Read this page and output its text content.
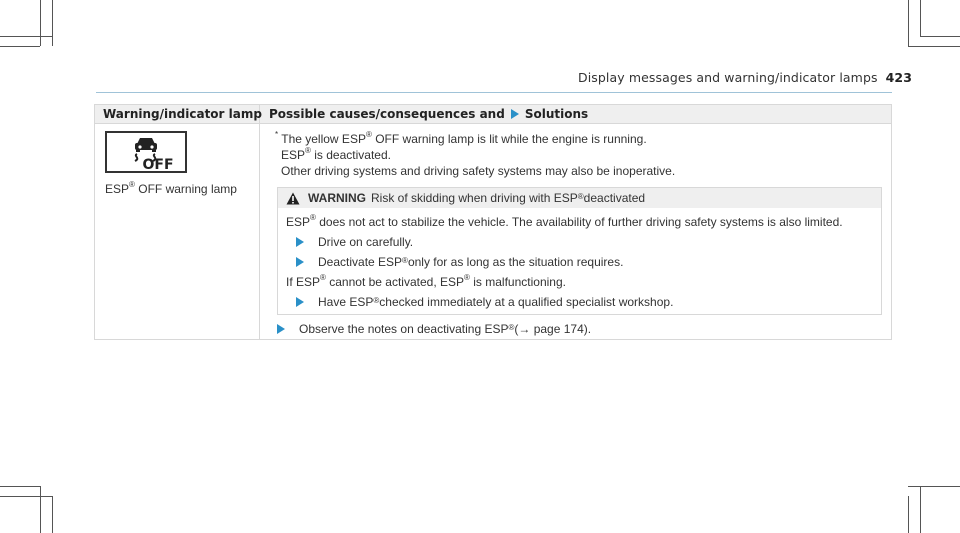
Display messages and warning/indicator lamps 423
Warning/indicator lamp Possible causes/consequences and Solutions
OFF
ESP® OFF warning lamp
* The yellow ESP® OFF warning lamp is lit while the engine is running.
ESP® is deactivated.
Other driving systems and driving safety systems may also be inoperative.
WARNING Risk of skidding when driving with ESP® deactivated
ESP® does not act to stabilize the vehicle. The availability of further driving safety systems is also limited.
Drive on carefully.
Deactivate ESP® only for as long as the situation requires.
If ESP® cannot be activated, ESP® is malfunctioning.
Have ESP® checked immediately at a qualified specialist workshop.
Observe the notes on deactivating ESP® (→ page 174).
